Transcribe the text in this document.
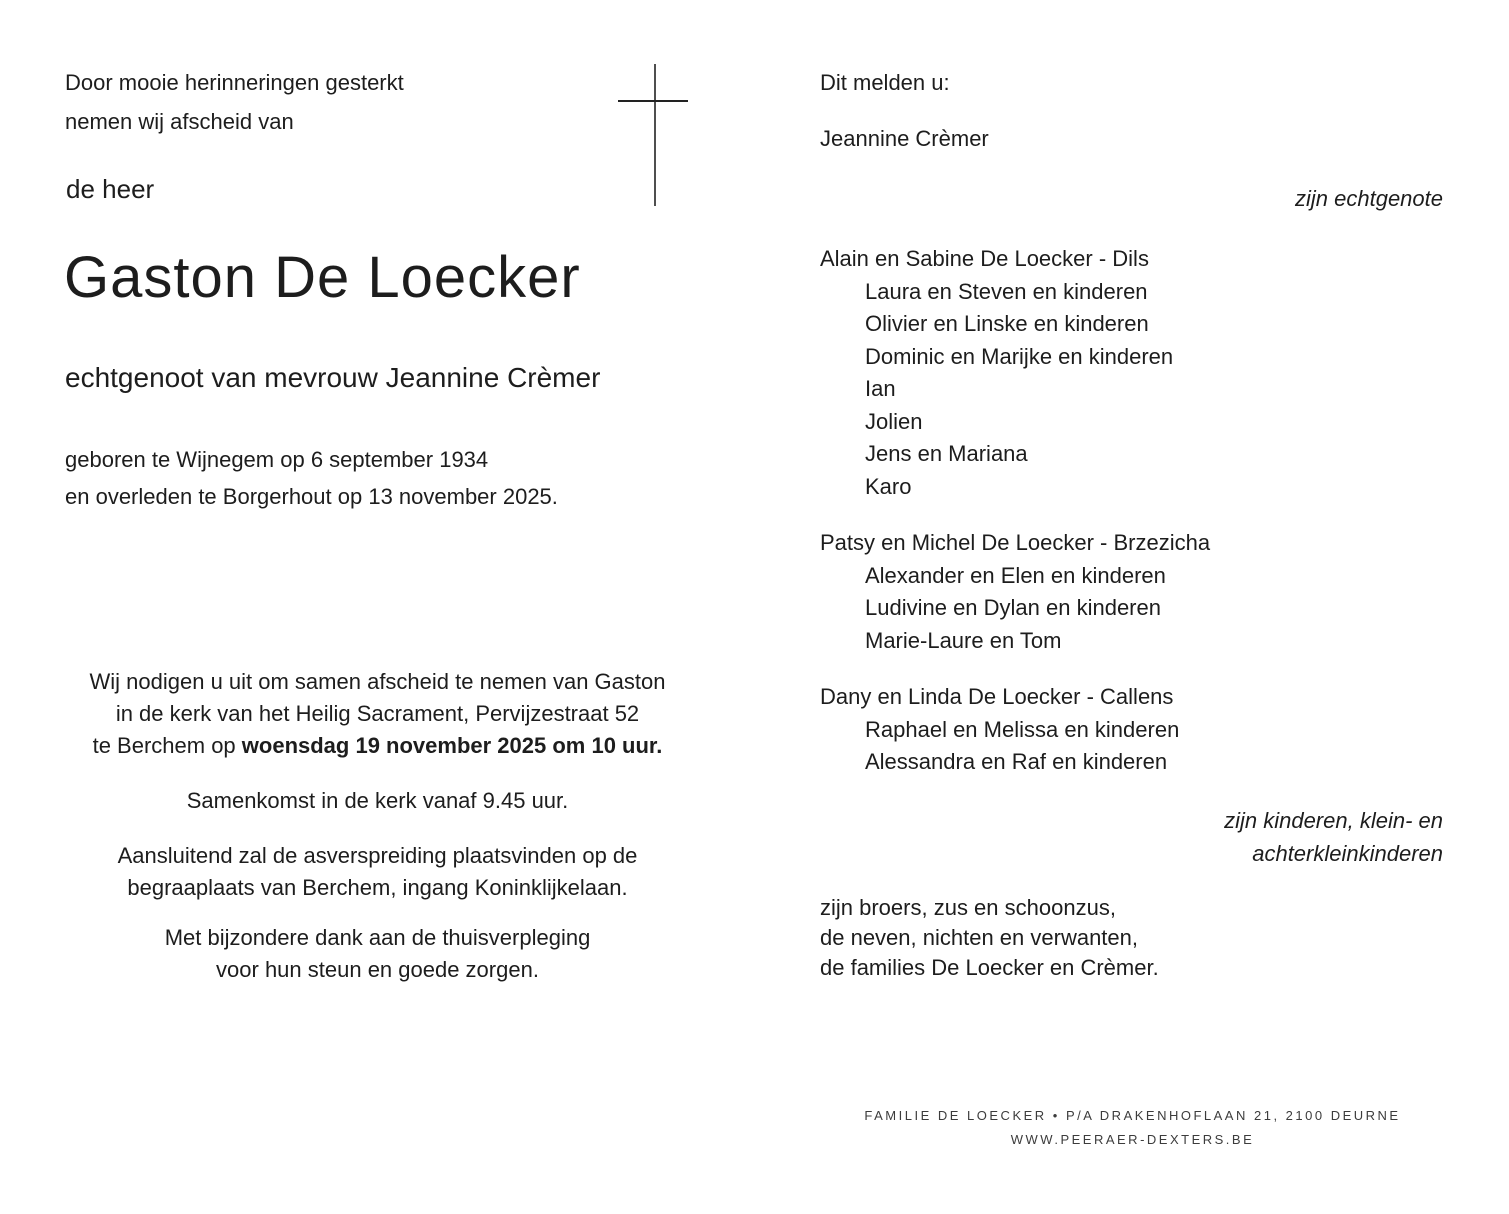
Door mooie herinneringen gesterkt
nemen wij afscheid van
de heer
Gaston De Loecker
echtgenoot van mevrouw Jeannine Crèmer
geboren te Wijnegem op 6 september 1934
en overleden te Borgerhout op 13 november 2025.
Wij nodigen u uit om samen afscheid te nemen van Gaston
in de kerk van het Heilig Sacrament, Pervijzestraat 52
te Berchem op woensdag 19 november 2025 om 10 uur.
Samenkomst in de kerk vanaf 9.45 uur.
Aansluitend zal de asverspreiding plaatsvinden op de
begraaplaats van Berchem, ingang Koninklijkelaan.
Met bijzondere dank aan de thuisverpleging
voor hun steun en goede zorgen.
Dit melden u:
Jeannine Crèmer
zijn echtgenote
Alain en Sabine De Loecker - Dils
Laura en Steven en kinderen
Olivier en Linske en kinderen
Dominic en Marijke en kinderen
Ian
Jolien
Jens en Mariana
Karo
Patsy en Michel De Loecker - Brzezicha
Alexander en Elen en kinderen
Ludivine en Dylan en kinderen
Marie-Laure en Tom
Dany en Linda De Loecker - Callens
Raphael en Melissa en kinderen
Alessandra en Raf en kinderen
zijn kinderen, klein- en
achterkleinkinderen
zijn broers, zus en schoonzus,
de neven, nichten en verwanten,
de families De Loecker en Crèmer.
FAMILIE DE LOECKER • P/A DRAKENHOFLAAN 21, 2100 DEURNE
WWW.PEERAER-DEXTERS.BE
